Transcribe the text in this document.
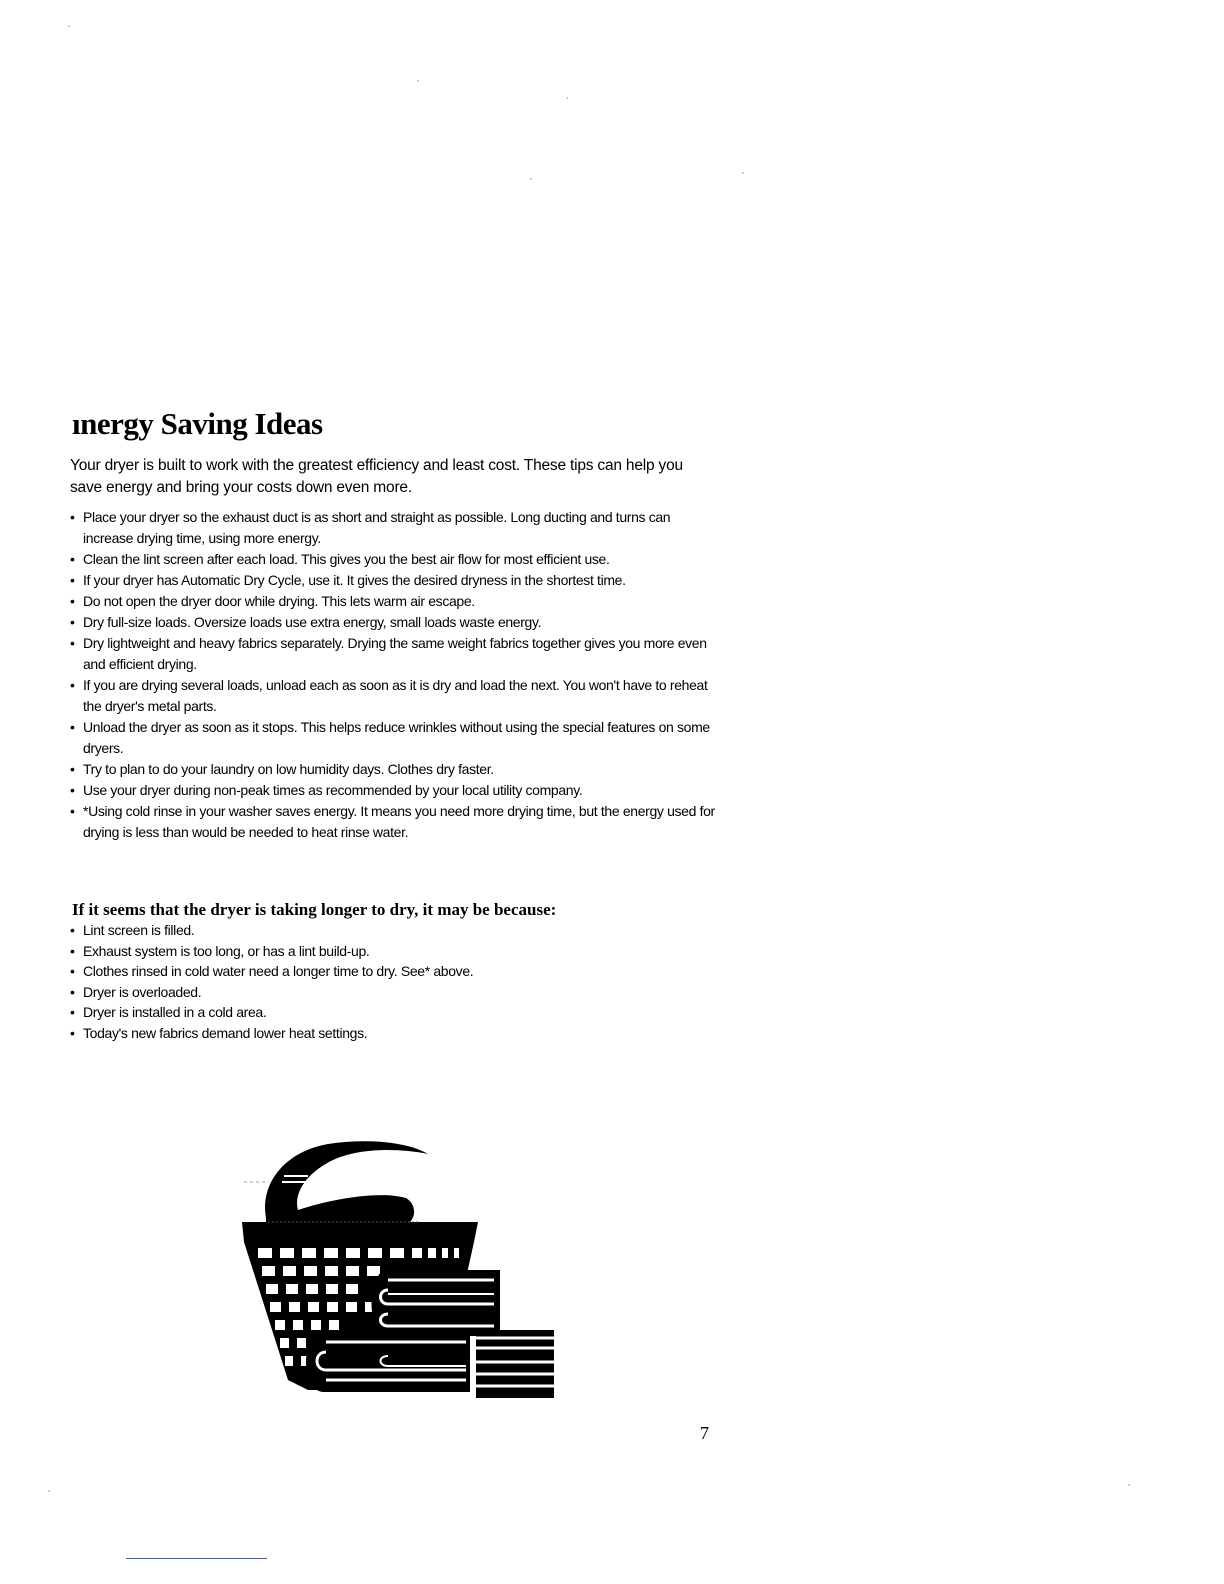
ınergy Saving Ideas

Your dryer is built to work with the greatest efficiency and least cost. These tips can help you save energy and bring your costs down even more.

• Place your dryer so the exhaust duct is as short and straight as possible. Long ducting and turns can increase drying time, using more energy.
• Clean the lint screen after each load. This gives you the best air flow for most efficient use.
• If your dryer has Automatic Dry Cycle, use it. It gives the desired dryness in the shortest time.
• Do not open the dryer door while drying. This lets warm air escape.
• Dry full-size loads. Oversize loads use extra energy, small loads waste energy.
• Dry lightweight and heavy fabrics separately. Drying the same weight fabrics together gives you more even and efficient drying.
• If you are drying several loads, unload each as soon as it is dry and load the next. You won't have to reheat the dryer's metal parts.
• Unload the dryer as soon as it stops. This helps reduce wrinkles without using the special features on some dryers.
• Try to plan to do your laundry on low humidity days. Clothes dry faster.
• Use your dryer during non-peak times as recommended by your local utility company.
• *Using cold rinse in your washer saves energy. It means you need more drying time, but the energy used for drying is less than would be needed to heat rinse water.
If it seems that the dryer is taking longer to dry, it may be because:
• Lint screen is filled.
• Exhaust system is too long, or has a lint build-up.
• Clothes rinsed in cold water need a longer time to dry. See* above.
• Dryer is overloaded.
• Dryer is installed in a cold area.
• Today's new fabrics demand lower heat settings.
7
